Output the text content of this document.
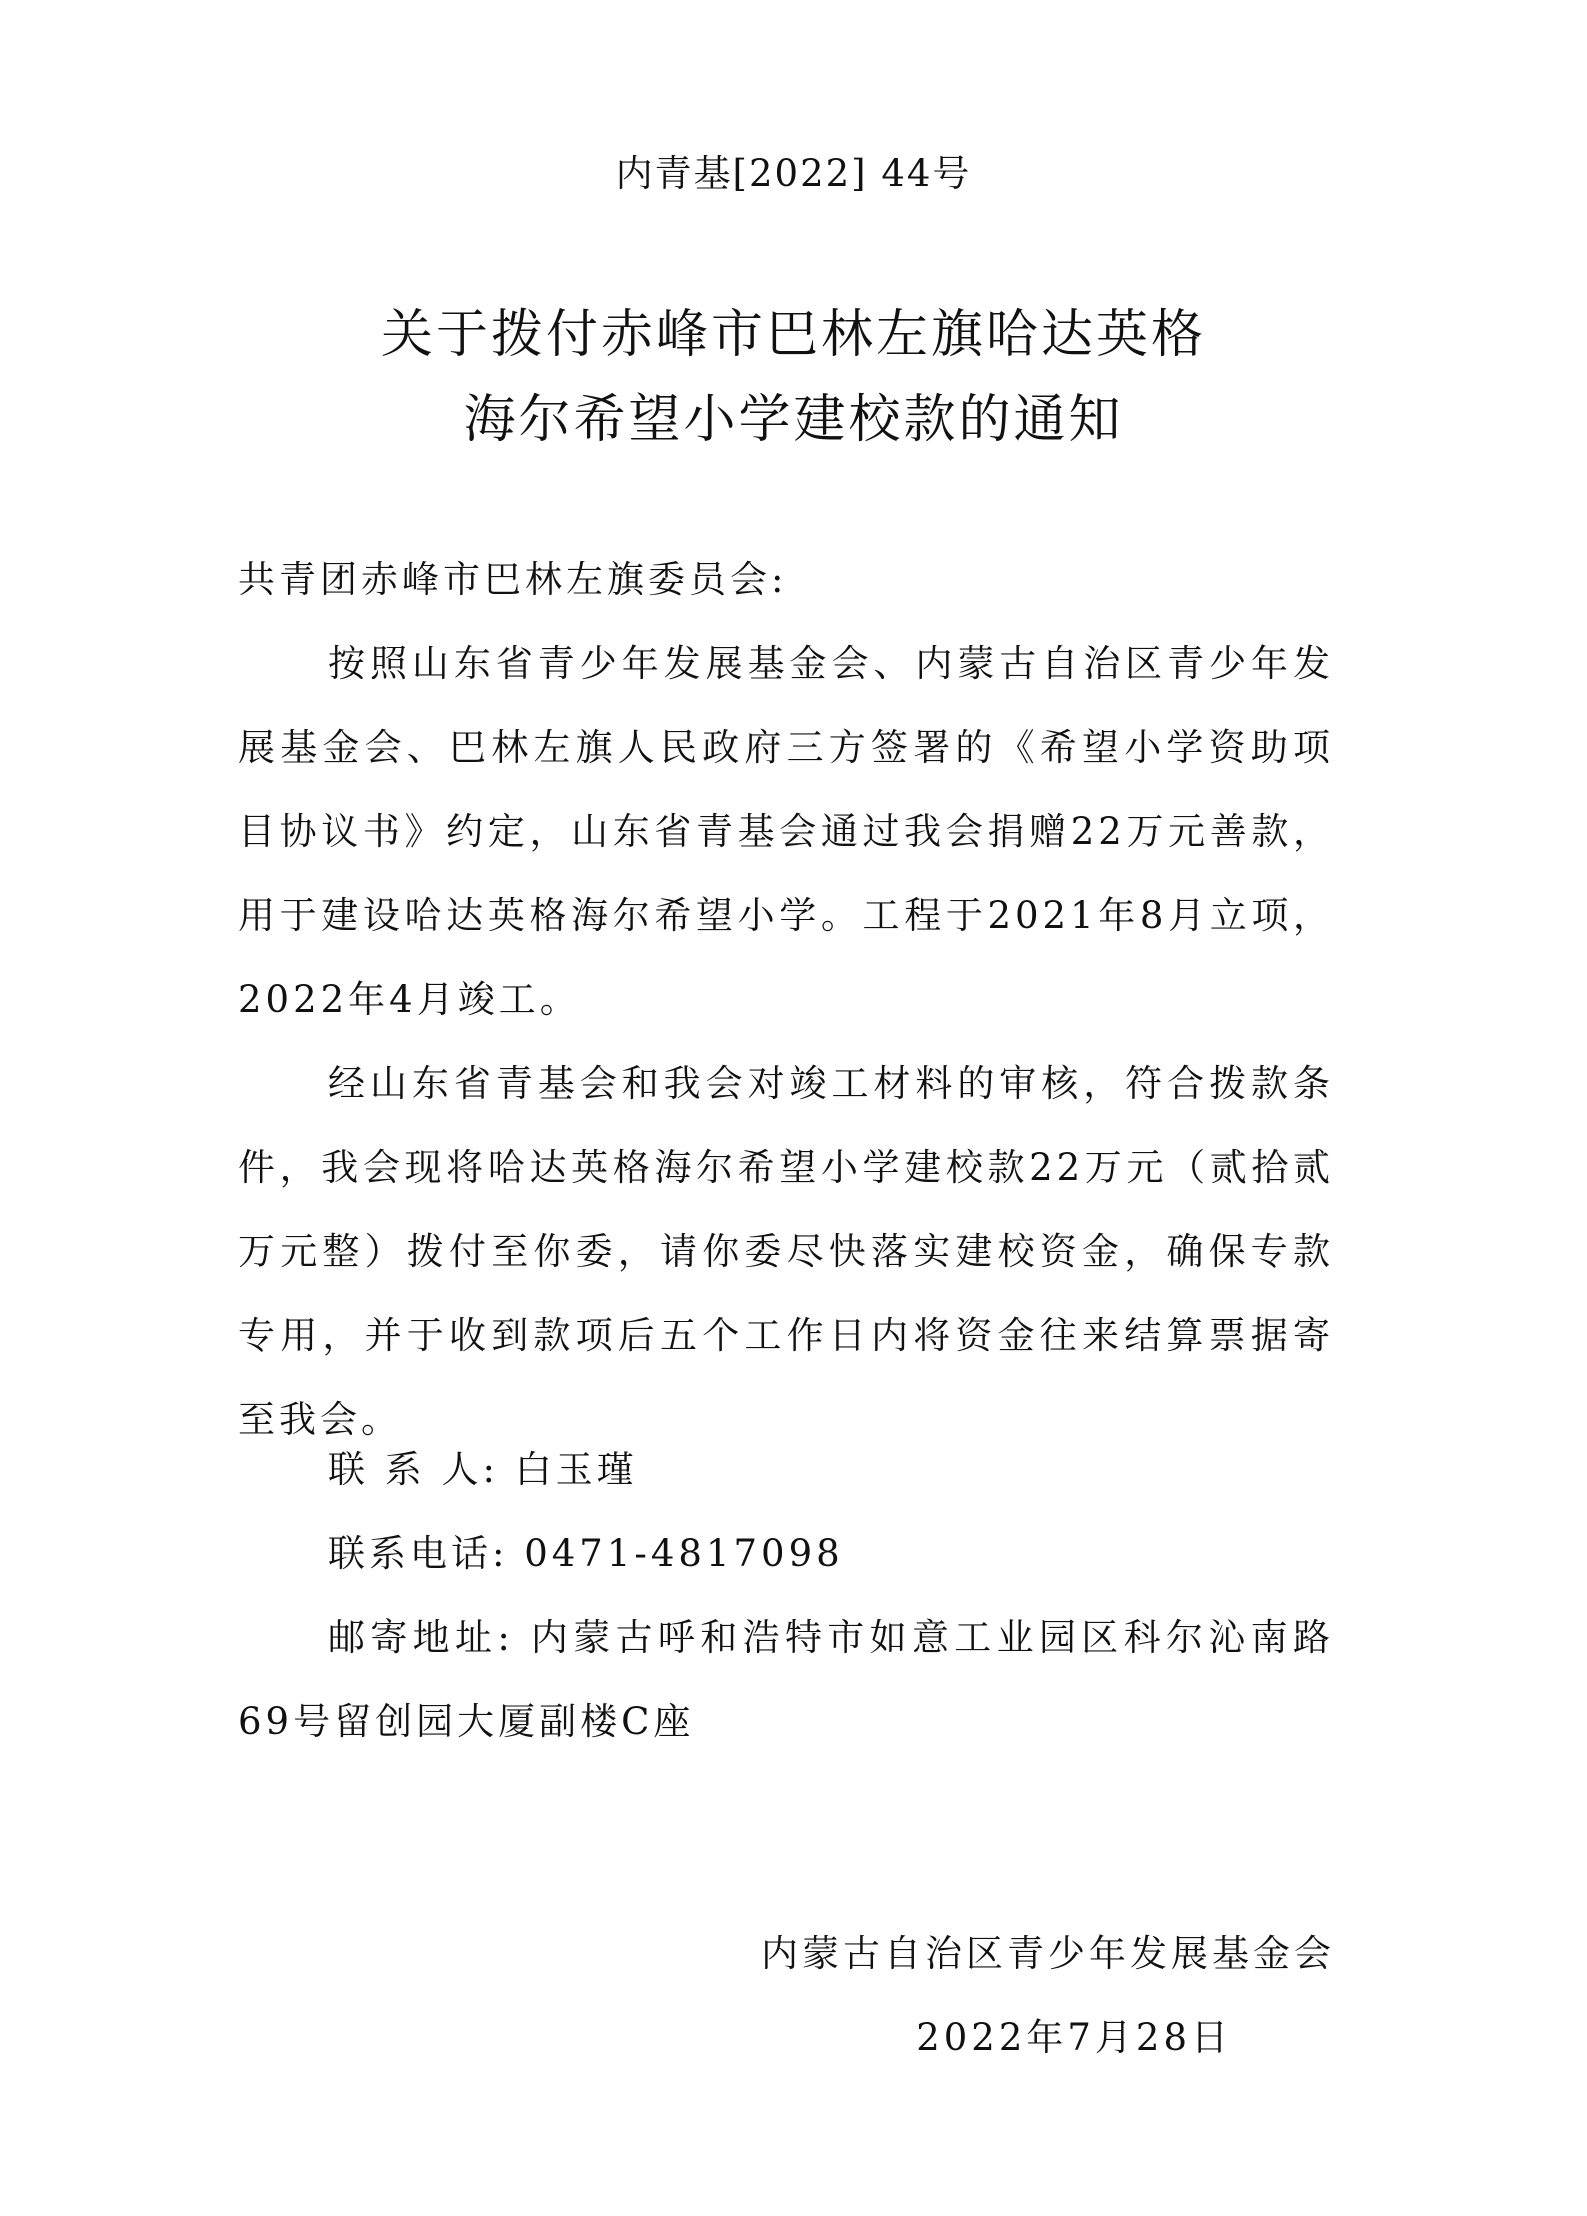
内青基[2022] 44号
关于拨付赤峰市巴林左旗哈达英格
海尔希望小学建校款的通知
共青团赤峰市巴林左旗委员会:
按照山东省青少年发展基金会、内蒙古自治区青少年发展基金会、巴林左旗人民政府三方签署的《希望小学资助项目协议书》约定，山东省青基会通过我会捐赠22万元善款，用于建设哈达英格海尔希望小学。工程于2021年8月立项，2022年4月竣工。
经山东省青基会和我会对竣工材料的审核，符合拨款条件，我会现将哈达英格海尔希望小学建校款22万元（贰拾贰万元整）拨付至你委，请你委尽快落实建校资金，确保专款专用，并于收到款项后五个工作日内将资金往来结算票据寄至我会。
联 系 人: 白玉瑾
联系电话: 0471-4817098
邮寄地址: 内蒙古呼和浩特市如意工业园区科尔沁南路69号留创园大厦副楼C座
内蒙古自治区青少年发展基金会
2022年7月28日
